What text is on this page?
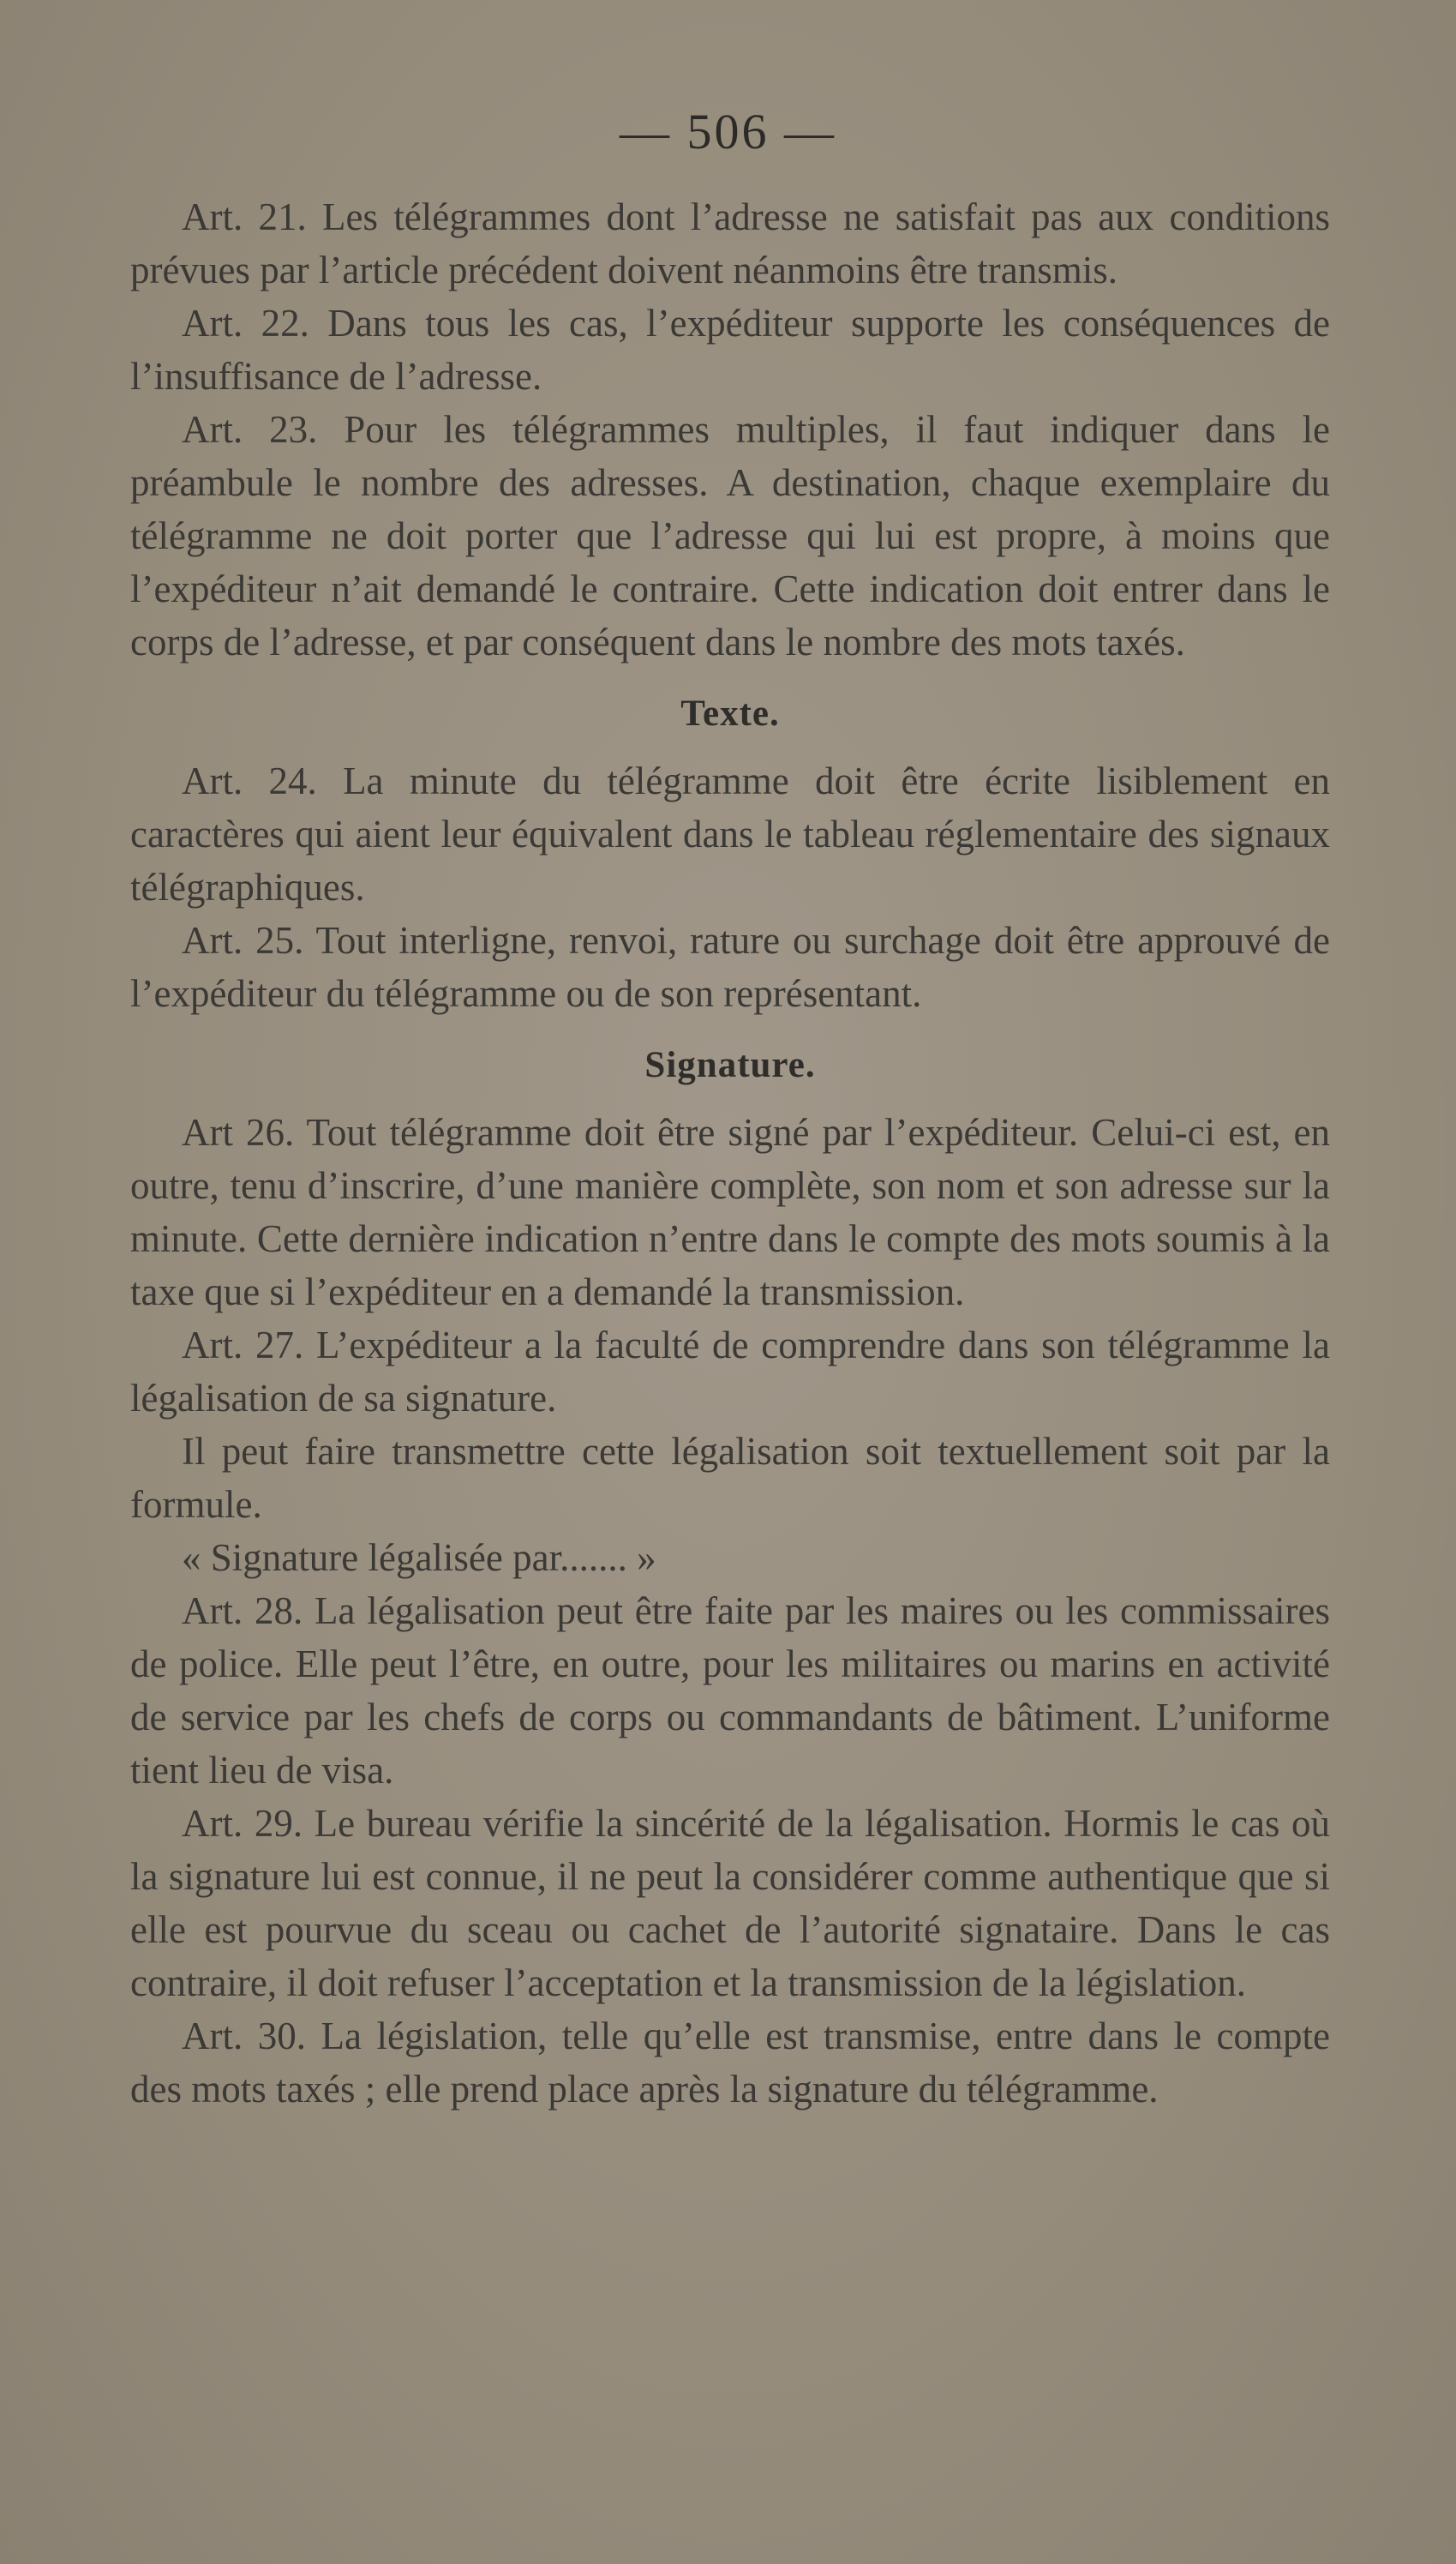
— 506 —

Art. 21. Les télégrammes dont l’adresse ne satisfait pas aux conditions prévues par l’article précédent doivent néanmoins être transmis.

Art. 22. Dans tous les cas, l’expéditeur supporte les conséquences de l’insuffisance de l’adresse.

Art. 23. Pour les télégrammes multiples, il faut indiquer dans le préambule le nombre des adresses. A destination, chaque exemplaire du télégramme ne doit porter que l’adresse qui lui est propre, à moins que l’expéditeur n’ait demandé le contraire. Cette indication doit entrer dans le corps de l’adresse, et par conséquent dans le nombre des mots taxés.

Texte.

Art. 24. La minute du télégramme doit être écrite lisiblement en caractères qui aient leur équivalent dans le tableau réglementaire des signaux télégraphiques.

Art. 25. Tout interligne, renvoi, rature ou surchage doit être approuvé de l’expéditeur du télégramme ou de son représentant.

Signature.

Art 26. Tout télégramme doit être signé par l’expéditeur. Celui-ci est, en outre, tenu d’inscrire, d’une manière complète, son nom et son adresse sur la minute. Cette dernière indication n’entre dans le compte des mots soumis à la taxe que si l’expéditeur en a demandé la transmission.

Art. 27. L’expéditeur a la faculté de comprendre dans son télégramme la légalisation de sa signature.

Il peut faire transmettre cette légalisation soit textuellement soit par la formule.

« Signature légalisée par....... »

Art. 28. La légalisation peut être faite par les maires ou les commissaires de police. Elle peut l’être, en outre, pour les militaires ou marins en activité de service par les chefs de corps ou commandants de bâtiment. L’uniforme tient lieu de visa.

Art. 29. Le bureau vérifie la sincérité de la légalisation. Hormis le cas où la signature lui est connue, il ne peut la considérer comme authentique que si elle est pourvue du sceau ou cachet de l’autorité signataire. Dans le cas contraire, il doit refuser l’acceptation et la transmission de la législation.

Art. 30. La législation, telle qu’elle est transmise, entre dans le compte des mots taxés ; elle prend place après la signature du télégramme.
